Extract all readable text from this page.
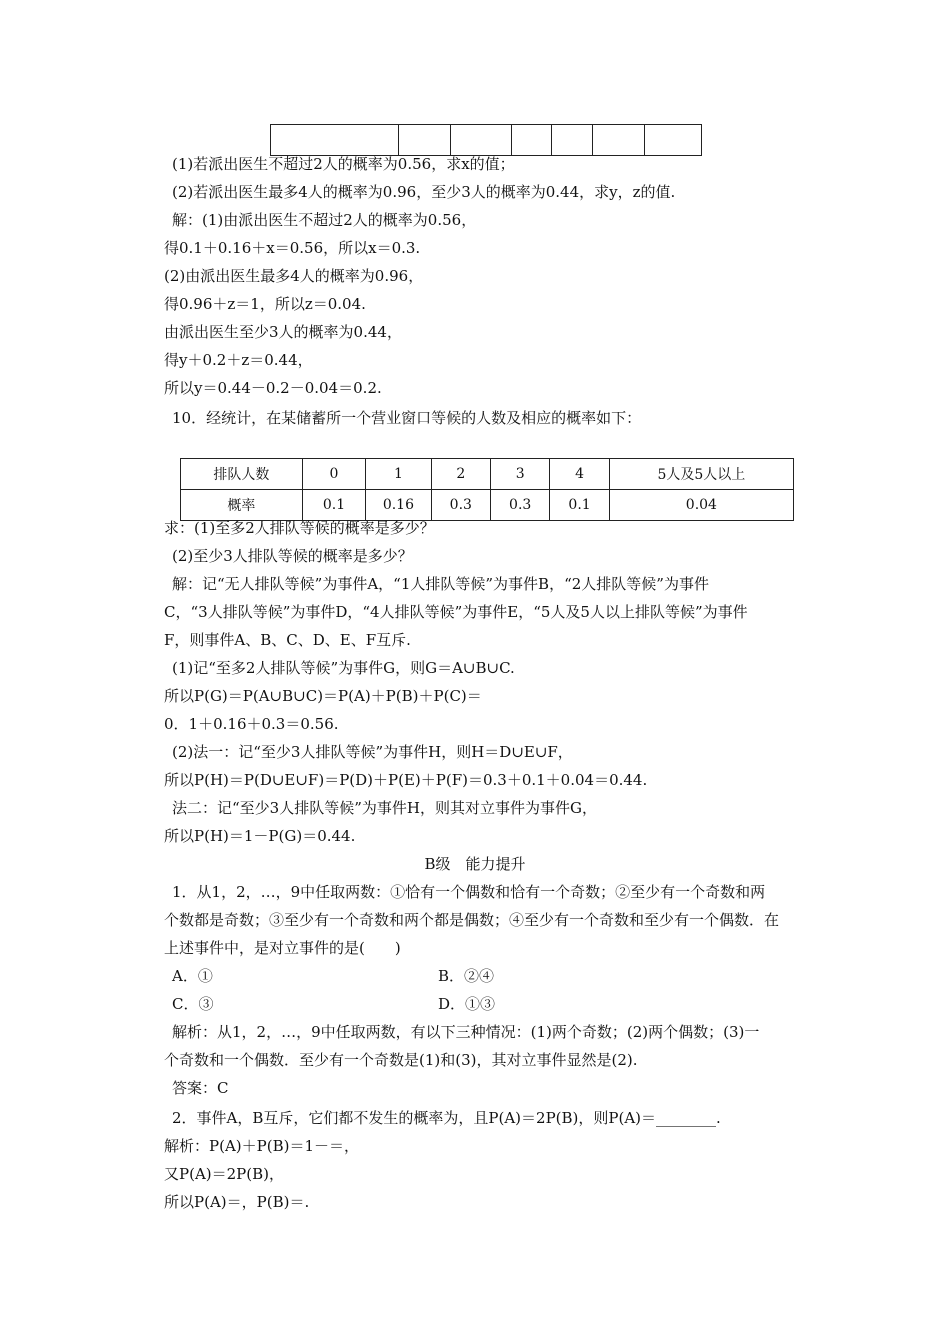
(1)若派出医生不超过2人的概率为0.56，求x的值；
(2)若派出医生最多4人的概率为0.96，至少3人的概率为0.44，求y，z的值.
解：(1)由派出医生不超过2人的概率为0.56，
得0.1＋0.16＋x＝0.56，所以x＝0.3.
(2)由派出医生最多4人的概率为0.96，
得0.96＋z＝1，所以z＝0.04.
由派出医生至少3人的概率为0.44，
得y＋0.2＋z＝0.44，
所以y＝0.44－0.2－0.04＝0.2.
10．经统计，在某储蓄所一个营业窗口等候的人数及相应的概率如下：
排队人数	0	1	2	3	4	5人及5人以上
概率	0.1	0.16	0.3	0.3	0.1	0.04
求：(1)至多2人排队等候的概率是多少？
(2)至少3人排队等候的概率是多少？
解：记“无人排队等候”为事件A，“1人排队等候”为事件B，“2人排队等候”为事件
C，“3人排队等候”为事件D，“4人排队等候”为事件E，“5人及5人以上排队等候”为事件
F，则事件A、B、C、D、E、F互斥.
(1)记“至多2人排队等候”为事件G，则G＝A∪B∪C.
所以P(G)＝P(A∪B∪C)＝P(A)＋P(B)＋P(C)＝
0．1＋0.16＋0.3＝0.56.
(2)法一：记“至少3人排队等候”为事件H，则H＝D∪E∪F，
所以P(H)＝P(D∪E∪F)＝P(D)＋P(E)＋P(F)＝0.3＋0.1＋0.04＝0.44.
法二：记“至少3人排队等候”为事件H，则其对立事件为事件G，
所以P(H)＝1－P(G)＝0.44.
B级　能力提升
1．从1，2，…，9中任取两数：①恰有一个偶数和恰有一个奇数；②至少有一个奇数和两
个数都是奇数；③至少有一个奇数和两个都是偶数；④至少有一个奇数和至少有一个偶数．在
上述事件中，是对立事件的是(　　)
A．①	B．②④
C．③	D．①③
解析：从1，2，…，9中任取两数，有以下三种情况：(1)两个奇数；(2)两个偶数；(3)一
个奇数和一个偶数．至少有一个奇数是(1)和(3)，其对立事件显然是(2).
答案：C
2．事件A，B互斥，它们都不发生的概率为，且P(A)＝2P(B)，则P(A)＝________.
解析：P(A)＋P(B)＝1－＝，
又P(A)＝2P(B)，
所以P(A)＝，P(B)＝.
